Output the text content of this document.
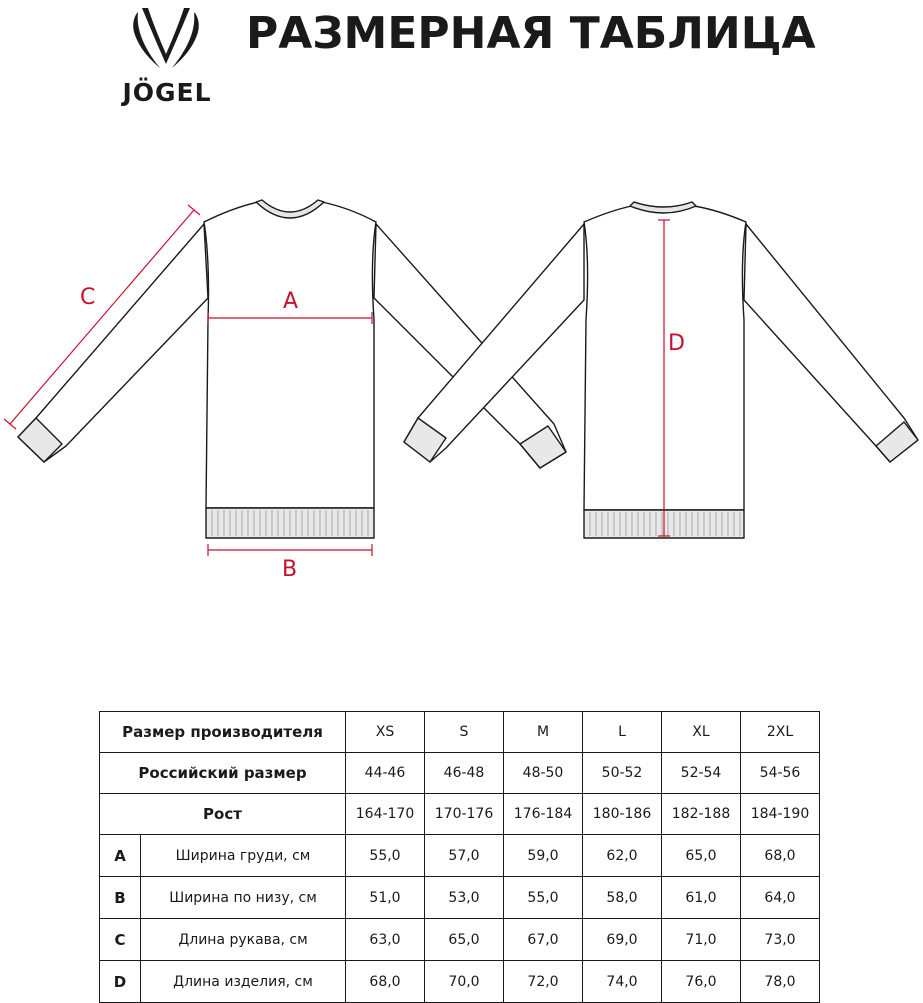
JÖGEL
РАЗМЕРНАЯ ТАБЛИЦА
A
B
C
D
Размер производителя		XS	S	M	L	XL	2XL
Российский размер		44-46	46-48	48-50	50-52	52-54	54-56
Рост		164-170	170-176	176-184	180-186	182-188	184-190
A	Ширина груди, см	55,0	57,0	59,0	62,0	65,0	68,0
B	Ширина по низу, см	51,0	53,0	55,0	58,0	61,0	64,0
C	Длина рукава, см	63,0	65,0	67,0	69,0	71,0	73,0
D	Длина изделия, см	68,0	70,0	72,0	74,0	76,0	78,0
